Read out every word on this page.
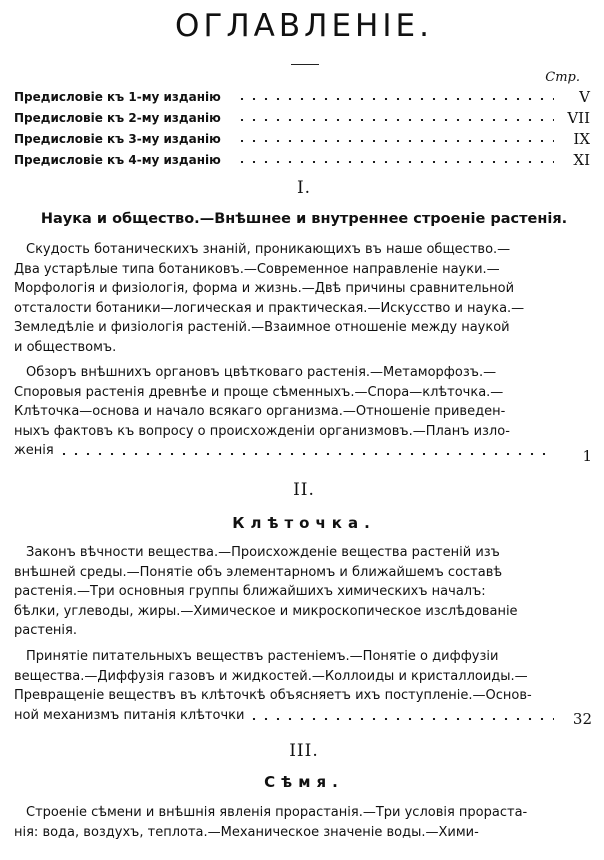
ОГЛАВЛЕНІЕ.
Стр.
Предисловіе къ 1-му изданію	V
Предисловіе къ 2-му изданію	VII
Предисловіе къ 3-му изданію	IX
Предисловіе къ 4-му изданію	XI
I.
Наука и общество.—Внѣшнее и внутреннее строеніе растенія.
Скудость ботаническихъ знаній, проникающихъ въ наше общество.—
Два устарѣлые типа ботаниковъ.—Современное направленіе науки.—
Морфологія и физіологія, форма и жизнь.—Двѣ причины сравнительной
отсталости ботаники—логическая и практическая.—Искусство и наука.—
Земледѣліе и физіологія растеній.—Взаимное отношеніе между наукой
и обществомъ.
Обзоръ внѣшнихъ органовъ цвѣтковаго растенія.—Метаморфозъ.—
Споровыя растенія древнѣе и проще сѣменныхъ.—Спора—клѣточка.—
Клѣточка—основа и начало всякаго организма.—Отношеніе приведен-
ныхъ фактовъ къ вопросу о происхожденіи организмовъ.—Планъ изло-
женія	1
II.
Клѣточка.
Законъ вѣчности вещества.—Происхожденіе вещества растеній изъ
внѣшней среды.—Понятіе объ элементарномъ и ближайшемъ составѣ
растенія.—Три основныя группы ближайшихъ химическихъ началъ:
бѣлки, углеводы, жиры.—Химическое и микроскопическое изслѣдованіе
растенія.
Принятіе питательныхъ веществъ растеніемъ.—Понятіе о диффузіи
вещества.—Диффузія газовъ и жидкостей.—Коллоиды и кристаллоиды.—
Превращеніе веществъ въ клѣточкѣ объясняетъ ихъ поступленіе.—Основ-
ной механизмъ питанія клѣточки	32
III.
Сѣмя.
Строеніе сѣмени и внѣшнія явленія прорастанія.—Три условія прораста-
нія: вода, воздухъ, теплота.—Механическое значеніе воды.—Хими-
